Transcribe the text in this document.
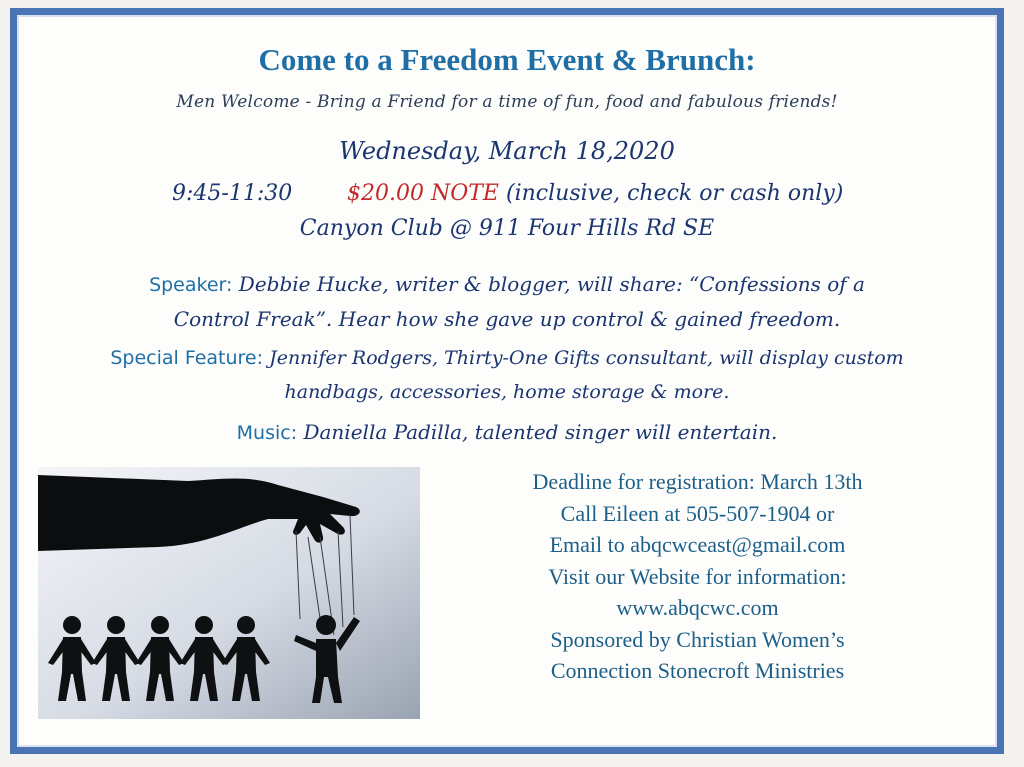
Come to a Freedom Event & Brunch:
Men Welcome - Bring a Friend for a time of fun, food and fabulous friends!
Wednesday, March 18,2020
9:45-11:30 $20.00 NOTE (inclusive, check or cash only)
Canyon Club @ 911 Four Hills Rd SE
Speaker: Debbie Hucke, writer & blogger, will share: “Confessions of a
Control Freak”. Hear how she gave up control & gained freedom.
Special Feature: Jennifer Rodgers, Thirty-One Gifts consultant, will display custom
handbags, accessories, home storage & more.
Music: Daniella Padilla, talented singer will entertain.
Deadline for registration: March 13th
Call Eileen at 505-507-1904 or
Email to abqcwceast@gmail.com
Visit our Website for information:
www.abqcwc.com
Sponsored by Christian Women’s
Connection Stonecroft Ministries
